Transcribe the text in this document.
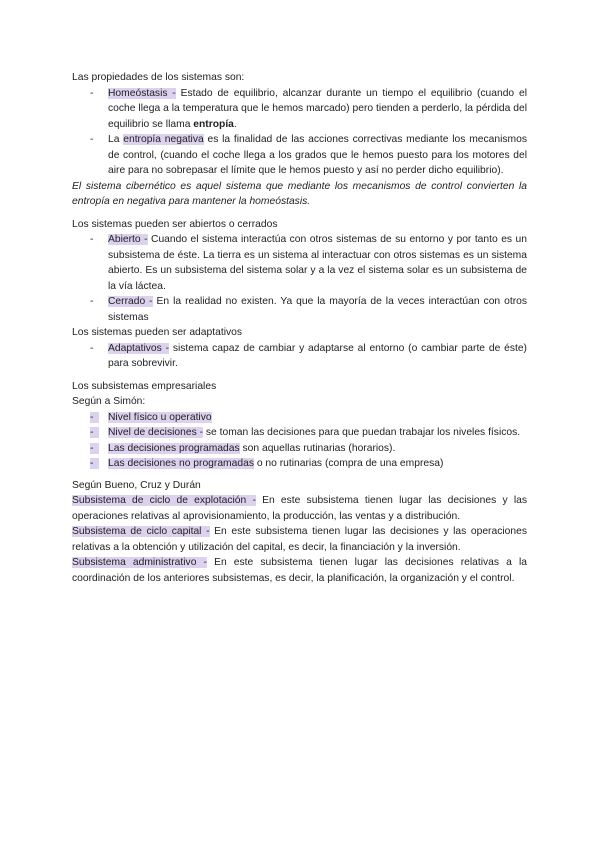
Las propiedades de los sistemas son:

-	Homeóstasis - Estado de equilibrio, alcanzar durante un tiempo el equilibrio (cuando el coche llega a la temperatura que le hemos marcado) pero tienden a perderlo, la pérdida del equilibrio se llama entropía.
-	La entropía negativa es la finalidad de las acciones correctivas mediante los mecanismos de control, (cuando el coche llega a los grados que le hemos puesto para los motores del aire para no sobrepasar el límite que le hemos puesto y así no perder dicho equilibrio).

El sistema cibernético es aquel sistema que mediante los mecanismos de control convierten la entropía en negativa para mantener la homeóstasis.

Los sistemas pueden ser abiertos o cerrados

-	Abierto - Cuando el sistema interactúa con otros sistemas de su entorno y por tanto es un subsistema de éste. La tierra es un sistema al interactuar con otros sistemas es un sistema abierto. Es un subsistema del sistema solar y a la vez el sistema solar es un subsistema de la vía láctea.
-	Cerrado - En la realidad no existen. Ya que la mayoría de la veces interactúan con otros sistemas

Los sistemas pueden ser adaptativos

-	Adaptativos - sistema capaz de cambiar y adaptarse al entorno (o cambiar parte de éste) para sobrevivir.

Los subsistemas empresariales

Según a Simón:

- Nivel físico u operativo
- Nivel de decisiones - se toman las decisiones para que puedan trabajar los niveles físicos.
- Las decisiones programadas son aquellas rutinarias (horarios).
- Las decisiones no programadas o no rutinarias (compra de una empresa)

Según Bueno, Cruz y Durán

Subsistema de ciclo de explotación - En este subsistema tienen lugar las decisiones y las operaciones relativas al aprovisionamiento, la producción, las ventas y a distribución.

Subsistema de ciclo capital - En este subsistema tienen lugar las decisiones y las operaciones relativas a la obtención y utilización del capital, es decir, la financiación y la inversión.

Subsistema administrativo - En este subsistema tienen lugar las decisiones relativas a la coordinación de los anteriores subsistemas, es decir, la planificación, la organización y el control.
